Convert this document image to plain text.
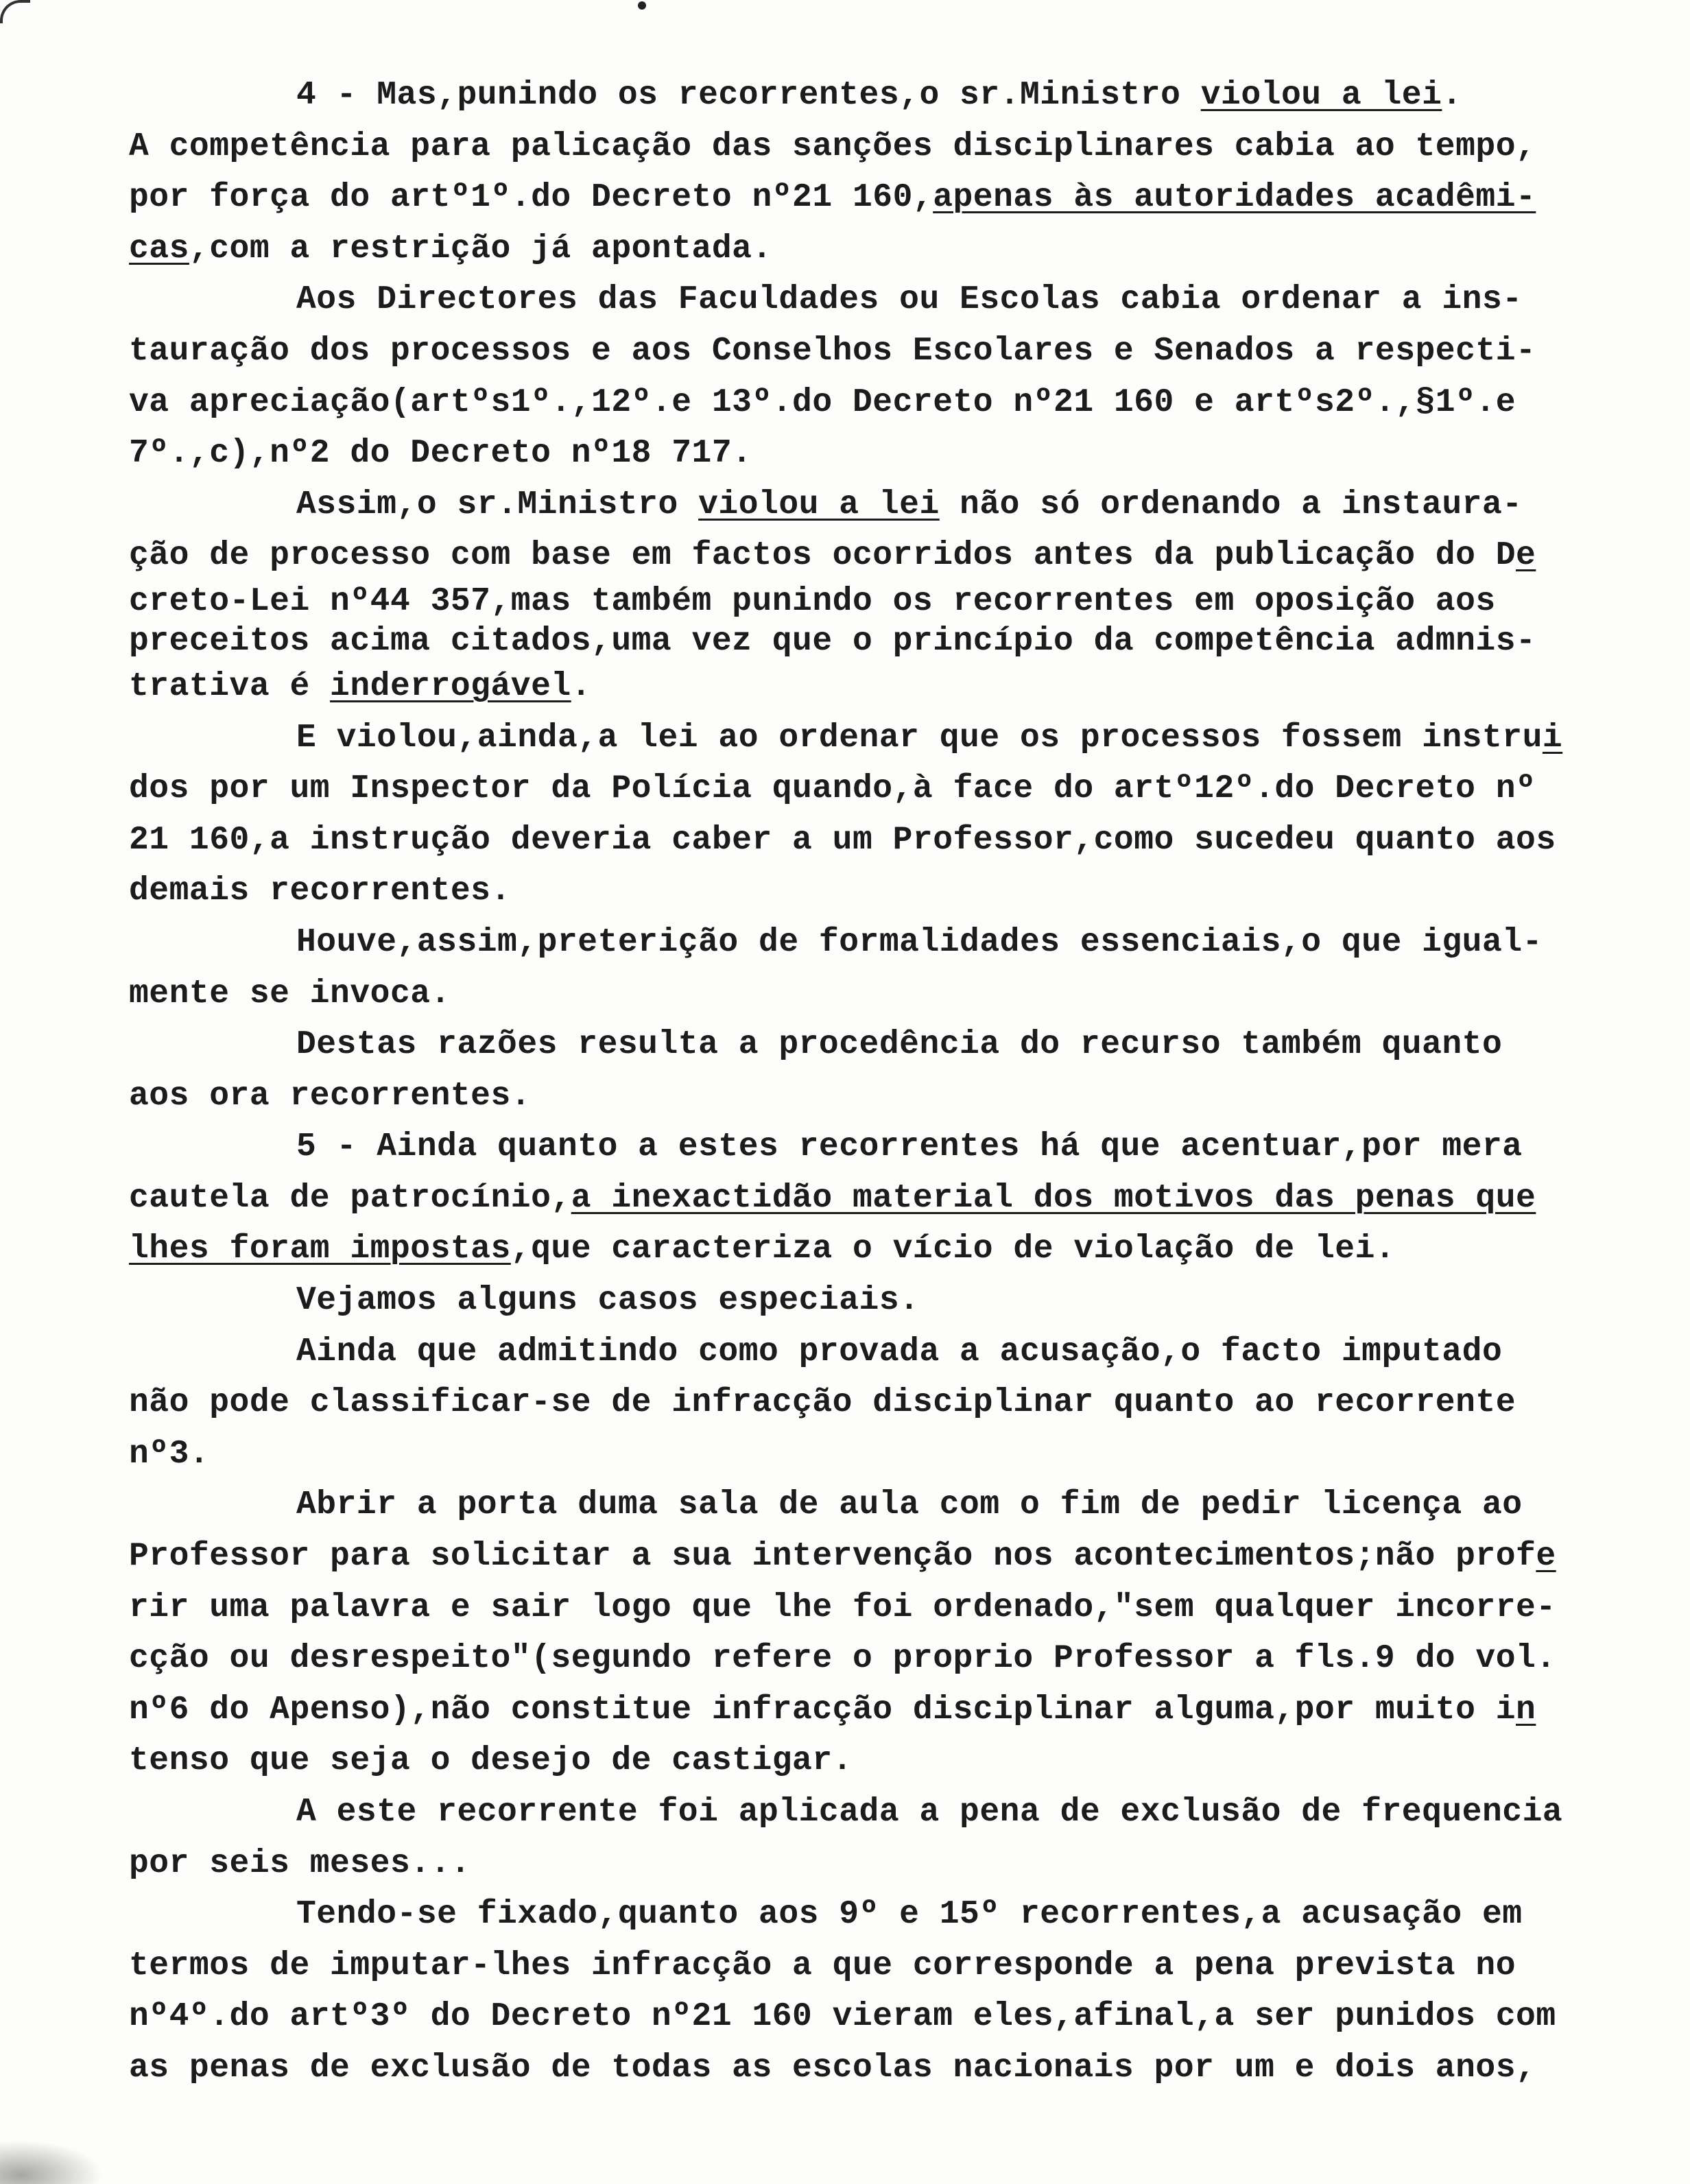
4 - Mas,punindo os recorrentes,o sr.Ministro violou a lei.
A competência para palicação das sanções disciplinares cabia ao tempo,
por força do artº1º.do Decreto nº21 160,apenas às autoridades acadêmi-
cas,com a restrição já apontada.
Aos Directores das Faculdades ou Escolas cabia ordenar a ins-
tauração dos processos e aos Conselhos Escolares e Senados a respecti-
va apreciação(artºs1º.,12º.e 13º.do Decreto nº21 160 e artºs2º.,§1º.e
7º.,c),nº2 do Decreto nº18 717.
Assim,o sr.Ministro violou a lei não só ordenando a instaura-
ção de processo com base em factos ocorridos antes da publicação do De
creto-Lei nº44 357,mas também punindo os recorrentes em oposição aos
preceitos acima citados,uma vez que o princípio da competência admnis-
trativa é inderrogável.
E violou,ainda,a lei ao ordenar que os processos fossem instrui
dos por um Inspector da Polícia quando,à face do artº12º.do Decreto nº
21 160,a instrução deveria caber a um Professor,como sucedeu quanto aos
demais recorrentes.
Houve,assim,preterição de formalidades essenciais,o que igual-
mente se invoca.
Destas razões resulta a procedência do recurso também quanto
aos ora recorrentes.
5 - Ainda quanto a estes recorrentes há que acentuar,por mera
cautela de patrocínio,a inexactidão material dos motivos das penas que
lhes foram impostas,que caracteriza o vício de violação de lei.
Vejamos alguns casos especiais.
Ainda que admitindo como provada a acusação,o facto imputado
não pode classificar-se de infracção disciplinar quanto ao recorrente
nº3.
Abrir a porta duma sala de aula com o fim de pedir licença ao
Professor para solicitar a sua intervenção nos acontecimentos;não profe
rir uma palavra e sair logo que lhe foi ordenado,"sem qualquer incorre-
cção ou desrespeito"(segundo refere o proprio Professor a fls.9 do vol.
nº6 do Apenso),não constitue infracção disciplinar alguma,por muito in
tenso que seja o desejo de castigar.
A este recorrente foi aplicada a pena de exclusão de frequencia
por seis meses...
Tendo-se fixado,quanto aos 9º e 15º recorrentes,a acusação em
termos de imputar-lhes infracção a que corresponde a pena prevista no
nº4º.do artº3º do Decreto nº21 160 vieram eles,afinal,a ser punidos com
as penas de exclusão de todas as escolas nacionais por um e dois anos,
